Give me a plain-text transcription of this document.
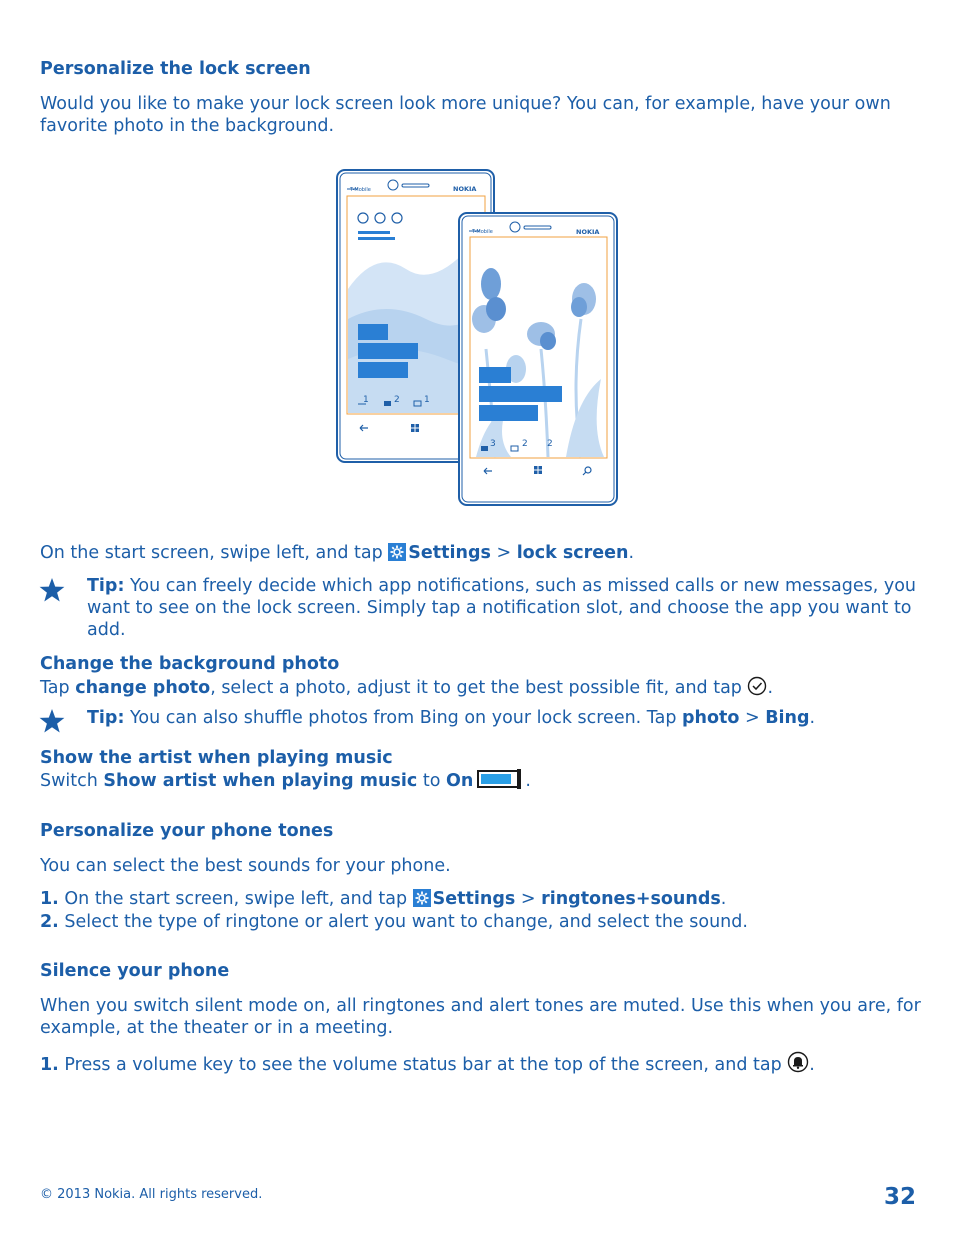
Personalize the lock screen
Would you like to make your lock screen look more unique? You can, for example, have your own favorite photo in the background.
T-Mobile	NOKIA
1	2	1
T-Mobile	NOKIA
3	2 2
On the start screen, swipe left, and tap
Settings > lock screen.
Tip: You can freely decide which app notifications, such as missed calls or new messages, you
want to see on the lock screen. Simply tap a notification slot, and choose the app you want to
add.
Change the background photo
Tap change photo, select a photo, adjust it to get the best possible fit, and tap .
Tip: You can also shuffle photos from Bing on your lock screen. Tap photo > Bing.
Show the artist when playing music
Switch Show artist when playing music to On	.
Personalize your phone tones
You can select the best sounds for your phone.
1. On the start screen, swipe left, and tap
Settings > ringtones+sounds.
2. Select the type of ringtone or alert you want to change, and select the sound.
Silence your phone
When you switch silent mode on, all ringtones and alert tones are muted. Use this when you are, for
example, at the theater or in a meeting.
1. Press a volume key to see the volume status bar at the top of the screen, and tap .
© 2013 Nokia. All rights reserved.	32
